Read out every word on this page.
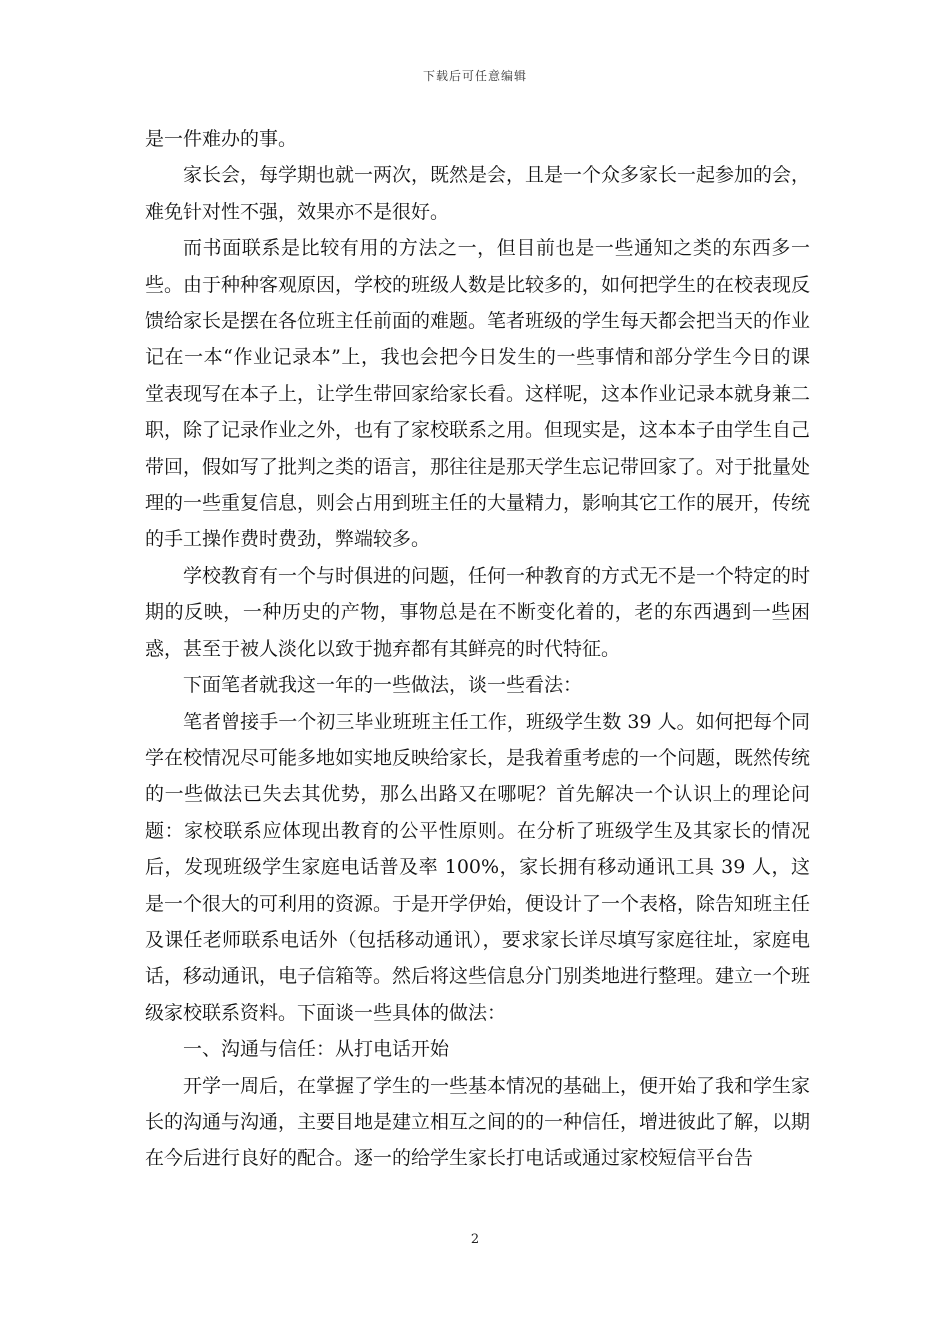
下载后可任意编辑

是一件难办的事。

家长会，每学期也就一两次，既然是会，且是一个众多家长一起参加的会，难免针对性不强，效果亦不是很好。

而书面联系是比较有用的方法之一，但目前也是一些通知之类的东西多一些。由于种种客观原因，学校的班级人数是比较多的，如何把学生的在校表现反馈给家长是摆在各位班主任前面的难题。笔者班级的学生每天都会把当天的作业记在一本“作业记录本”上，我也会把今日发生的一些事情和部分学生今日的课堂表现写在本子上，让学生带回家给家长看。这样呢，这本作业记录本就身兼二职，除了记录作业之外，也有了家校联系之用。但现实是，这本本子由学生自己带回，假如写了批判之类的语言，那往往是那天学生忘记带回家了。对于批量处理的一些重复信息，则会占用到班主任的大量精力，影响其它工作的展开，传统的手工操作费时费劲，弊端较多。

学校教育有一个与时俱进的问题，任何一种教育的方式无不是一个特定的时期的反映，一种历史的产物，事物总是在不断变化着的，老的东西遇到一些困惑，甚至于被人淡化以致于抛弃都有其鲜亮的时代特征。

下面笔者就我这一年的一些做法，谈一些看法：

笔者曾接手一个初三毕业班班主任工作，班级学生数 39 人。如何把每个同学在校情况尽可能多地如实地反映给家长，是我着重考虑的一个问题，既然传统的一些做法已失去其优势，那么出路又在哪呢？首先解决一个认识上的理论问题：家校联系应体现出教育的公平性原则。在分析了班级学生及其家长的情况后，发现班级学生家庭电话普及率 100%，家长拥有移动通讯工具 39 人，这是一个很大的可利用的资源。于是开学伊始，便设计了一个表格，除告知班主任及课任老师联系电话外（包括移动通讯），要求家长详尽填写家庭往址，家庭电话，移动通讯，电子信箱等。然后将这些信息分门别类地进行整理。建立一个班级家校联系资料。下面谈一些具体的做法：

一、沟通与信任：从打电话开始

开学一周后，在掌握了学生的一些基本情况的基础上，便开始了我和学生家长的沟通与沟通，主要目地是建立相互之间的的一种信任，增进彼此了解，以期在今后进行良好的配合。逐一的给学生家长打电话或通过家校短信平台告

2
